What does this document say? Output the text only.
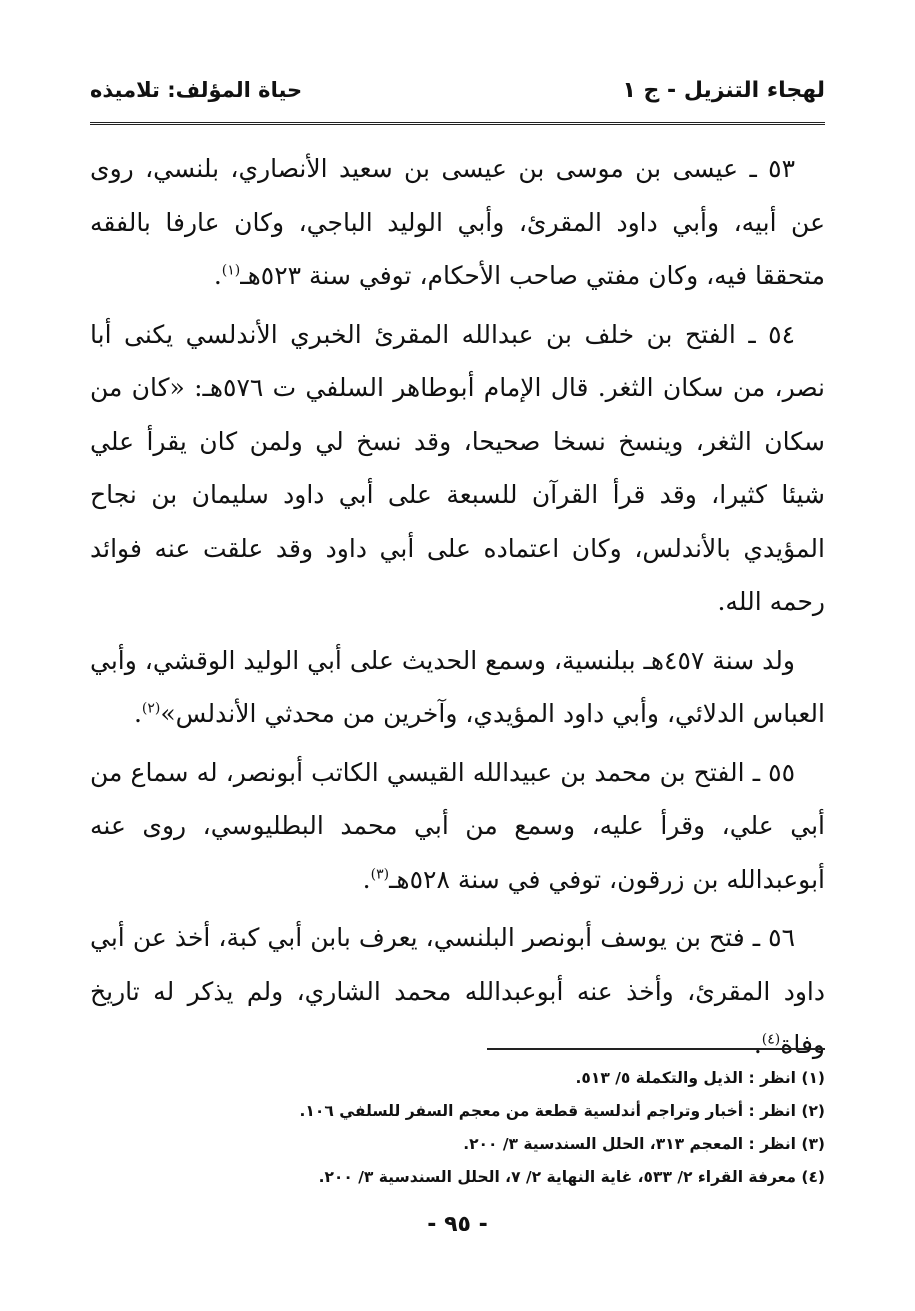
لهجاء التنزيل - ج ١
حياة المؤلف: تلاميذه

٥٣ ـ عيسى بن موسى بن عيسى بن سعيد الأنصاري، بلنسي، روى عن أبيه، وأبي داود المقرئ، وأبي الوليد الباجي، وكان عارفا بالفقه متحققا فيه، وكان مفتي صاحب الأحكام، توفي سنة ٥٢٣هـ$^{(١)}$.

٥٤ ـ الفتح بن خلف بن عبدالله المقرئ الخبري الأندلسي يكنى أبا نصر، من سكان الثغر. قال الإمام أبوطاهر السلفي ت ٥٧٦هـ: «كان من سكان الثغر، وينسخ نسخا صحيحا، وقد نسخ لي ولمن كان يقرأ علي شيئا كثيرا، وقد قرأ القرآن للسبعة على أبي داود سليمان بن نجاح المؤيدي بالأندلس، وكان اعتماده على أبي داود وقد علقت عنه فوائد رحمه الله.

ولد سنة ٤٥٧هـ ببلنسية، وسمع الحديث على أبي الوليد الوقشي، وأبي العباس الدلائي، وأبي داود المؤيدي، وآخرين من محدثي الأندلس»$^{(٢)}$.

٥٥ ـ الفتح بن محمد بن عبيدالله القيسي الكاتب أبونصر، له سماع من أبي علي، وقرأ عليه، وسمع من أبي محمد البطليوسي، روى عنه أبوعبدالله بن زرقون، توفي في سنة ٥٢٨هـ$^{(٣)}$.

٥٦ ـ فتح بن يوسف أبونصر البلنسي، يعرف بابن أبي كبة، أخذ عن أبي داود المقرئ، وأخذ عنه أبوعبدالله محمد الشاري، ولم يذكر له تاريخ وفاة$^{(٤)}$.

(١) انظر : الذيل والتكملة ٥/ ٥١٣.

(٢) انظر : أخبار وتراجم أندلسية قطعة من معجم السفر للسلفي ١٠٦.

(٣) انظر : المعجم ٣١٣، الحلل السندسية ٣/ ٢٠٠.

(٤) معرفة القراء ٢/ ٥٣٣، غاية النهاية ٢/ ٧، الحلل السندسية ٣/ ٢٠٠.

- ٩٥ -
